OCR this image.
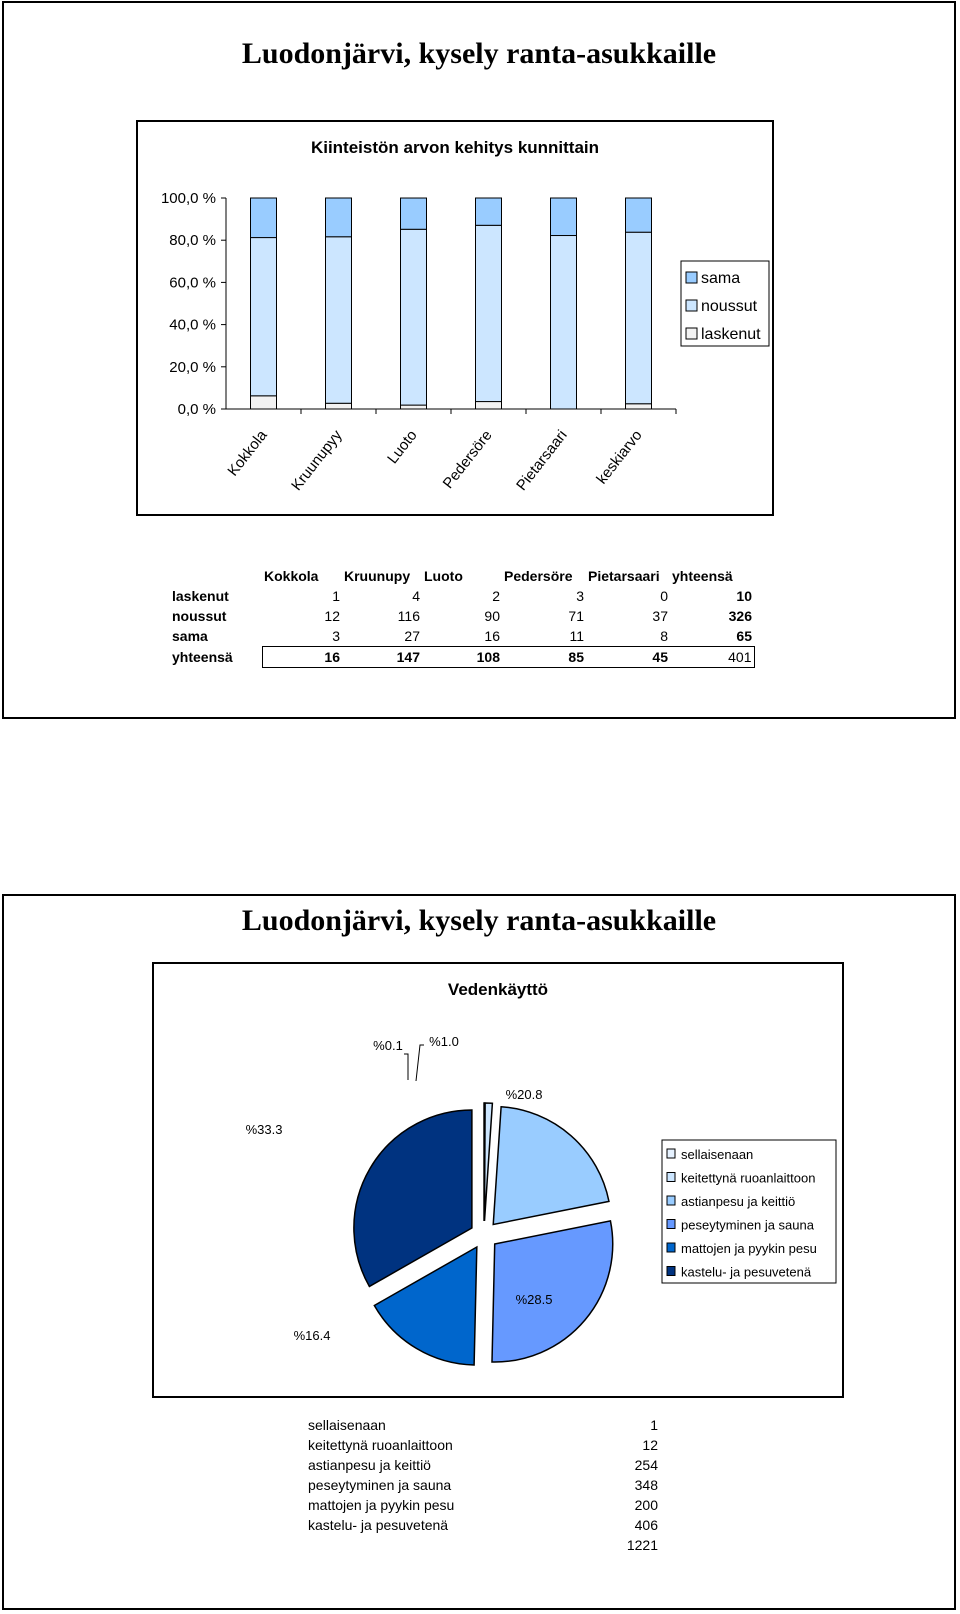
Luodonjärvi, kysely ranta-asukkaille
Kiinteistön arvon kehitys kunnittain
0,0 %
20,0 %
40,0 %
60,0 %
80,0 %
100,0 %
Kokkola Kruunupyy	Luoto Pedersöre Pietarsaari keskiarvo
sama
noussut
laskenut
	Kokkola	Kruunupy	Luoto	Pedersöre	Pietarsaari	yhteensä
laskenut	1	4	2	3	0	10
noussut	12	116	90	71	37	326
sama	3	27	16	11	8	65
yhteensä	16	147	108	85	45	401
Luodonjärvi, kysely ranta-asukkaille
Vedenkäyttö
%0.1 %1.0
%20.8
%28.5
%16.4
%33.3
sellaisenaan
keitettynä ruoanlaittoon
astianpesu ja keittiö
peseytyminen ja sauna
mattojen ja pyykin pesu
kastelu- ja pesuvetenä
sellaisenaan	1
keitettynä ruoanlaittoon	12
astianpesu ja keittiö	254
peseytyminen ja sauna	348
mattojen ja pyykin pesu	200
kastelu- ja pesuvetenä	406
	1221
